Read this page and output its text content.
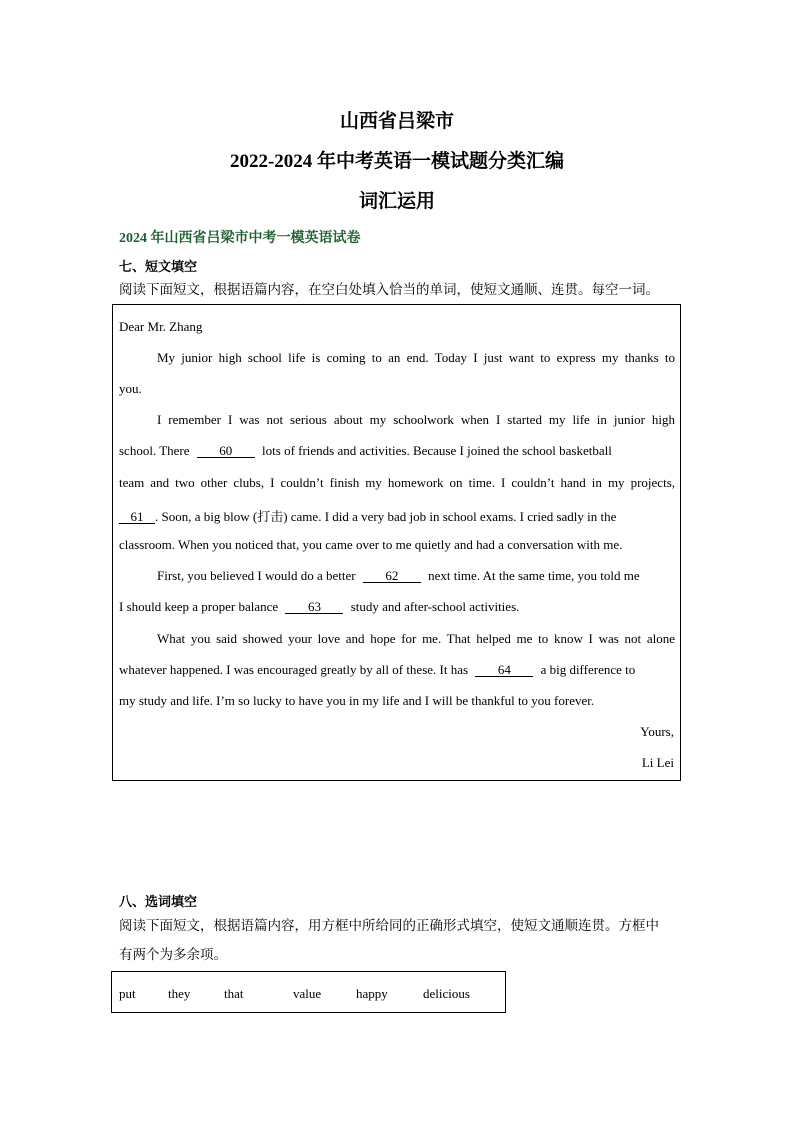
山西省吕梁市
2022-2024 年中考英语一模试题分类汇编
词汇运用
2024 年山西省吕梁市中考一模英语试卷
七、短文填空
阅读下面短文，根据语篇内容，在空白处填入恰当的单词，使短文通顺、连贯。每空一词。
Dear Mr. Zhang
My junior high school life is coming to an end. Today I just want to express my thanks to
you.
I remember I was not serious about my schoolwork when I started my life in junior high
school. There 60 lots of friends and activities. Because I joined the school basketball
team and two other clubs, I couldn’t finish my homework on time. I couldn’t hand in my projects,
61 . Soon, a big blow (打击) came. I did a very bad job in school exams. I cried sadly in the
classroom. When you noticed that, you came over to me quietly and had a conversation with me.
First, you believed I would do a better 62 next time. At the same time, you told me
I should keep a proper balance 63 study and after-school activities.
What you said showed your love and hope for me. That helped me to know I was not alone
whatever happened. I was encouraged greatly by all of these. It has 64 a big difference to
my study and life. I’m so lucky to have you in my life and I will be thankful to you forever.
Yours,
Li Lei
八、选词填空
阅读下面短文，根据语篇内容，用方框中所给同的正确形式填空，使短文通顺连贯。方框中
有两个为多余项。
put they	that	value	happy	delicious
